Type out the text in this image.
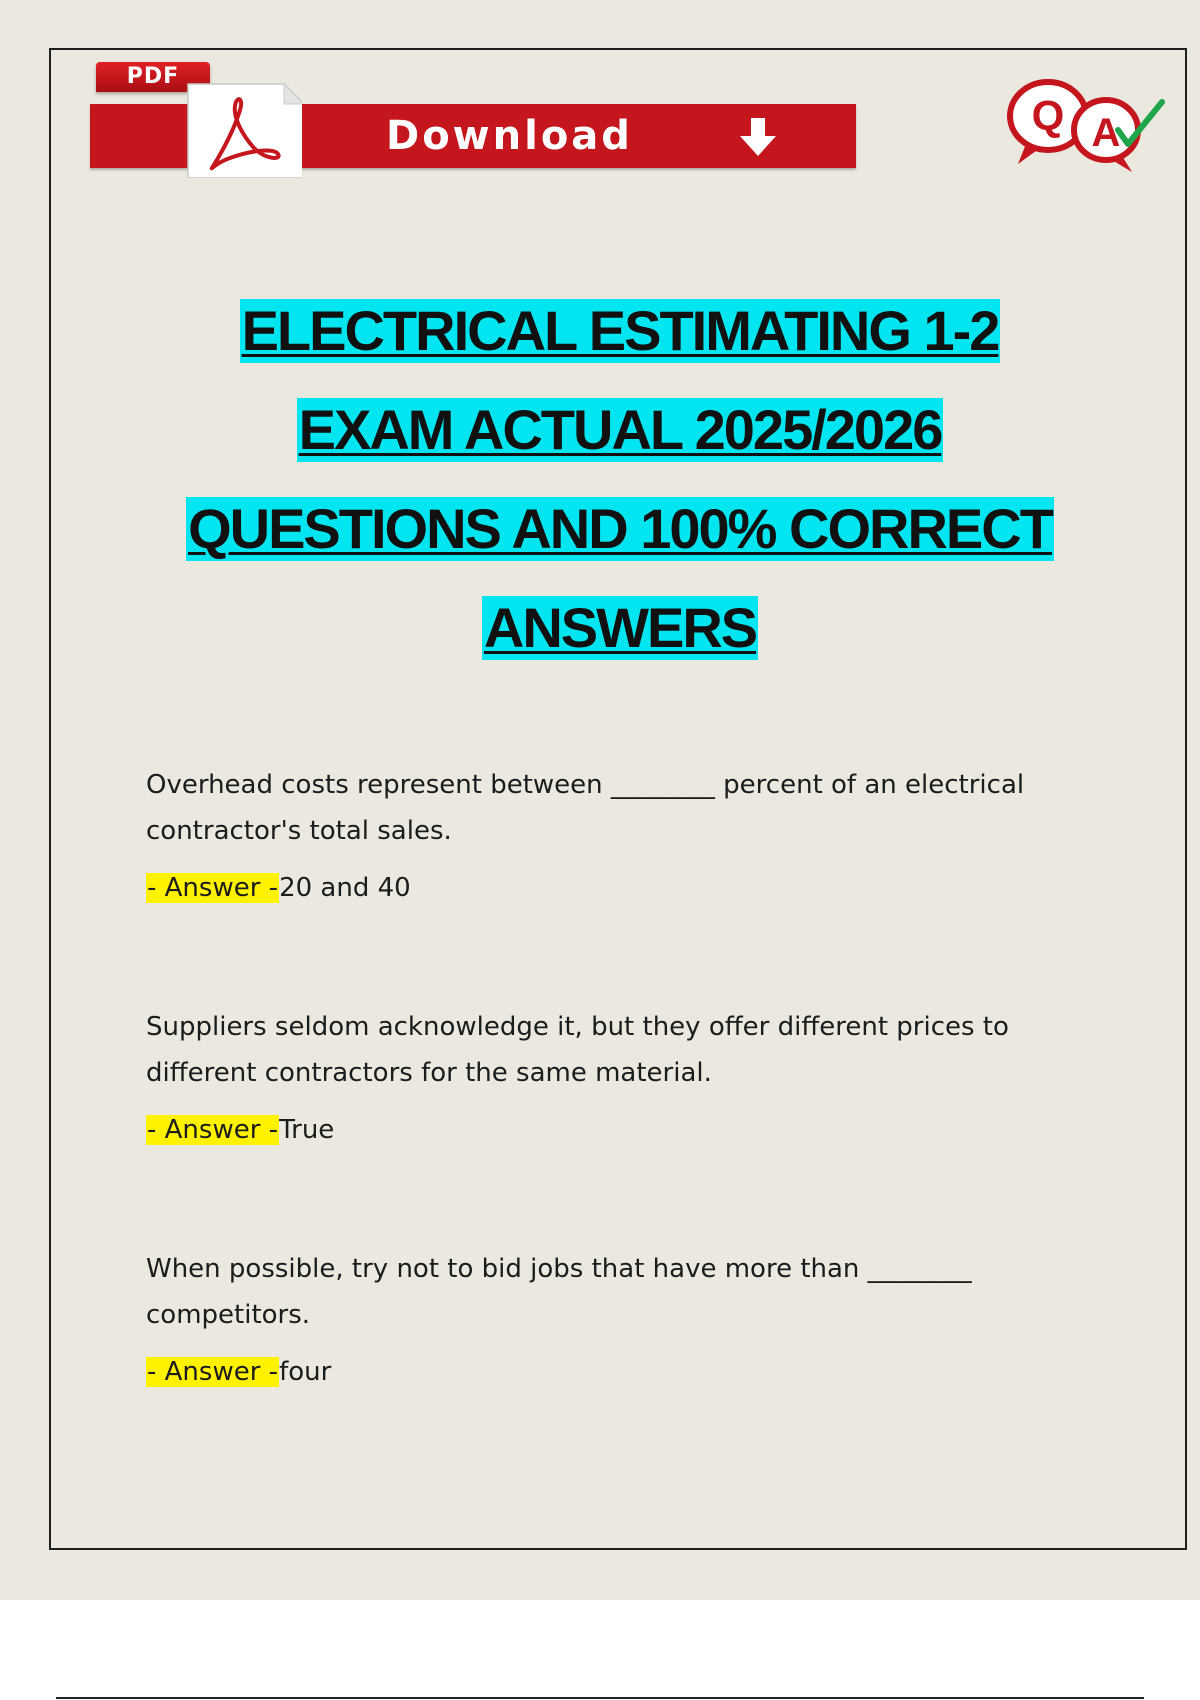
PDF
Download	Q A
ELECTRICAL ESTIMATING 1-2
EXAM ACTUAL 2025/2026
QUESTIONS AND 100% CORRECT
ANSWERS

Overhead costs represent between ________ percent of an electrical contractor's total sales.

- Answer -20 and 40

Suppliers seldom acknowledge it, but they offer different prices to different contractors for the same material.

- Answer -True

When possible, try not to bid jobs that have more than ________ competitors.

- Answer -four
